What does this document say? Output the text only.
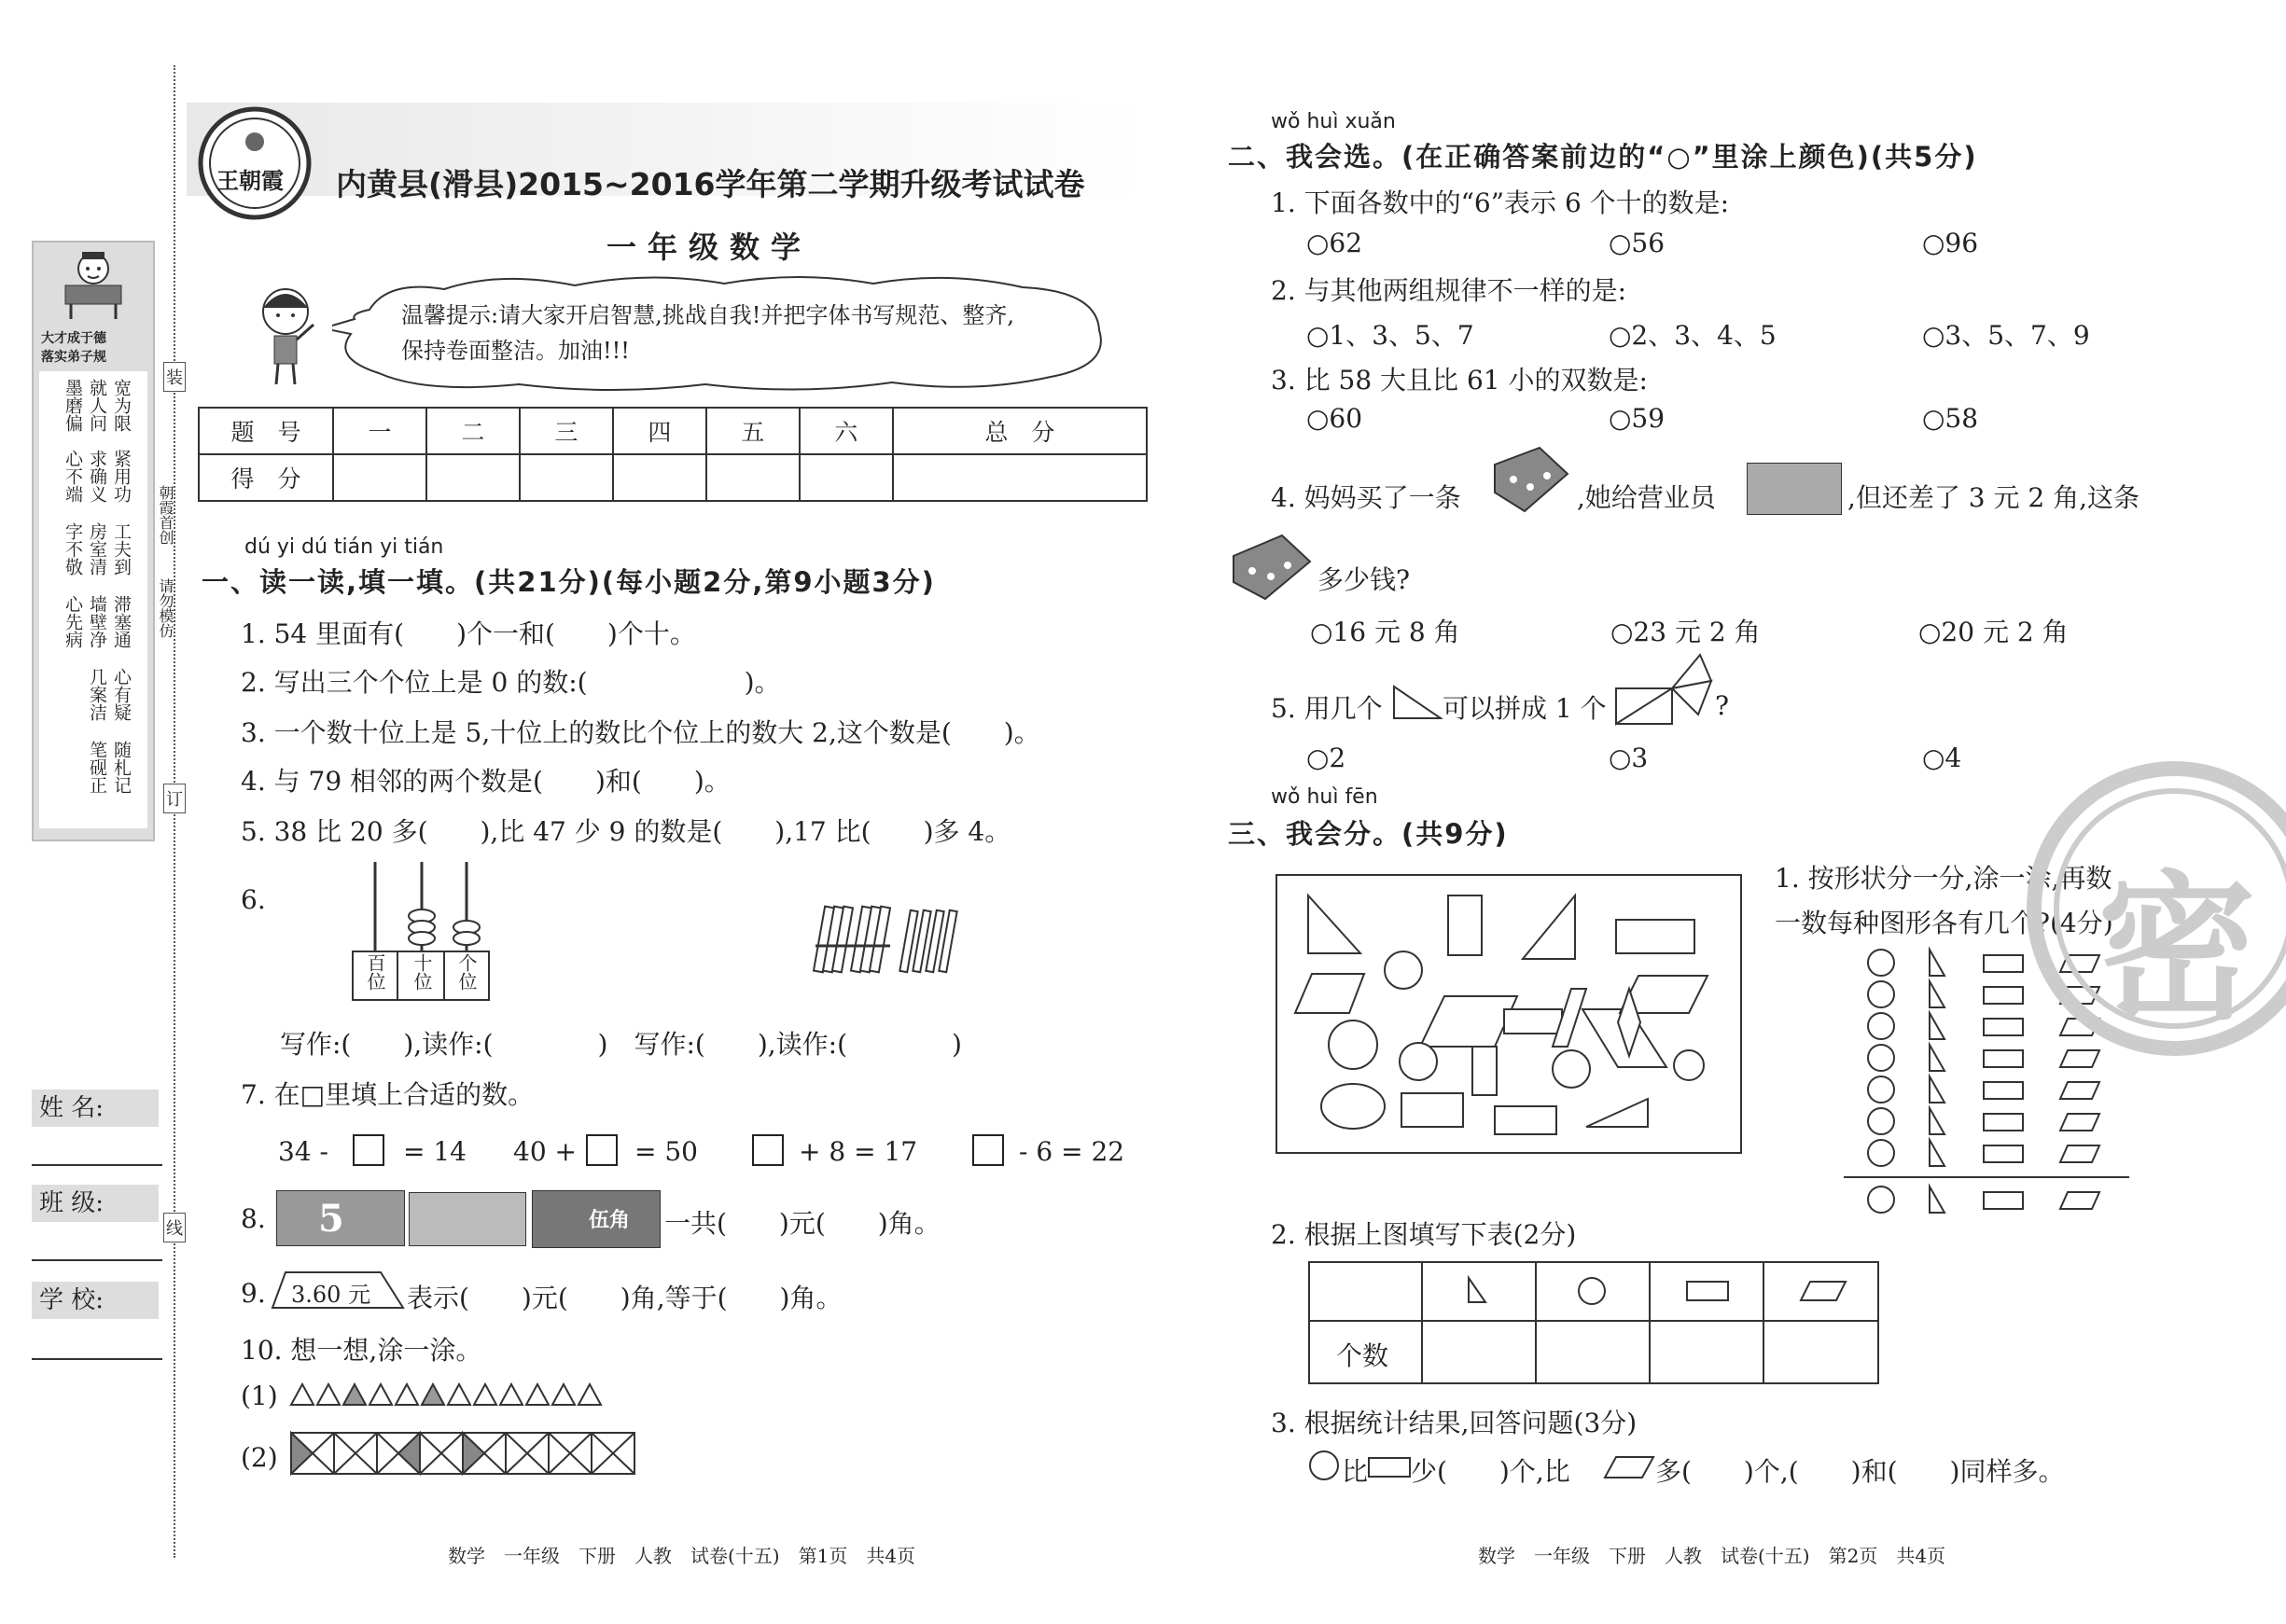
装
订
线
朝霞首创
请勿模仿
大才成于德
落实弟子规
宽为限
紧用功
工夫到
滞塞通
心有疑
随札记
就人问
求确义
房室清
墙壁净
几案洁
笔砚正
墨磨偏
心不端
字不敬
心先病
姓 名:
班 级:
学 校:
王朝霞 内黄县(滑县)2015~2016学年第二学期升级考试试卷
一年级数学
温馨提示:请大家开启智慧,挑战自我!并把字体书写规范、整齐,
保持卷面整洁。加油!!!
题　号	一	二	三	四	五	六	总　分
得　分							
dú yi dú tián yi tián
一、读一读,填一填。(共21分)(每小题2分,第9小题3分)
1. 54 里面有(　　)个一和(　　)个十。
2. 写出三个个位上是 0 的数:(　　　　　　)。
3. 一个数十位上是 5,十位上的数比个位上的数大 2,这个数是(　　)。
4. 与 79 相邻的两个数是(　　)和(　　)。
5. 38 比 20 多(　　),比 47 少 9 的数是(　　),17 比(　　)多 4。
6.
百位 十位 个位
写作:(　　),读作:(　　　　)　写作:(　　),读作:(　　　　)
7. 在□里填上合适的数。
34 -	= 14 40 + = 50	+ 8 = 17	- 6 = 22
8. 5	伍角 一共(　　)元(　　)角。
9. 3.60 元 表示(　　)元(　　)角,等于(　　)角。
10. 想一想,涂一涂。
(1)
(2)
数学　一年级　下册　人教　试卷(十五)　第1页　共4页
wǒ huì xuǎn
二、我会选。(在正确答案前边的“○”里涂上颜色)(共5分)
1. 下面各数中的“6”表示 6 个十的数是:
○62	○56	○96
2. 与其他两组规律不一样的是:
○1、3、5、7	○2、3、4、5	○3、5、7、9
3. 比 58 大且比 61 小的双数是:
○60	○59	○58
4. 妈妈买了一条	,她给营业员	,但还差了 3 元 2 角,这条
多少钱?
○16 元 8 角	○23 元 2 角	○20 元 2 角
5. 用几个 可以拼成 1 个	?
○2	○3	○4
wǒ huì fēn
三、我会分。(共9分)
1. 按形状分一分,涂一涂,再数
一数每种图形各有几个?(4分)
2. 根据上图填写下表(2分)
个数
3. 根据统计结果,回答问题(3分)
比 少(　　)个,比	多(　　)个,(　　)和(　　)同样多。
数学　一年级　下册　人教　试卷(十五)　第2页　共4页
密
